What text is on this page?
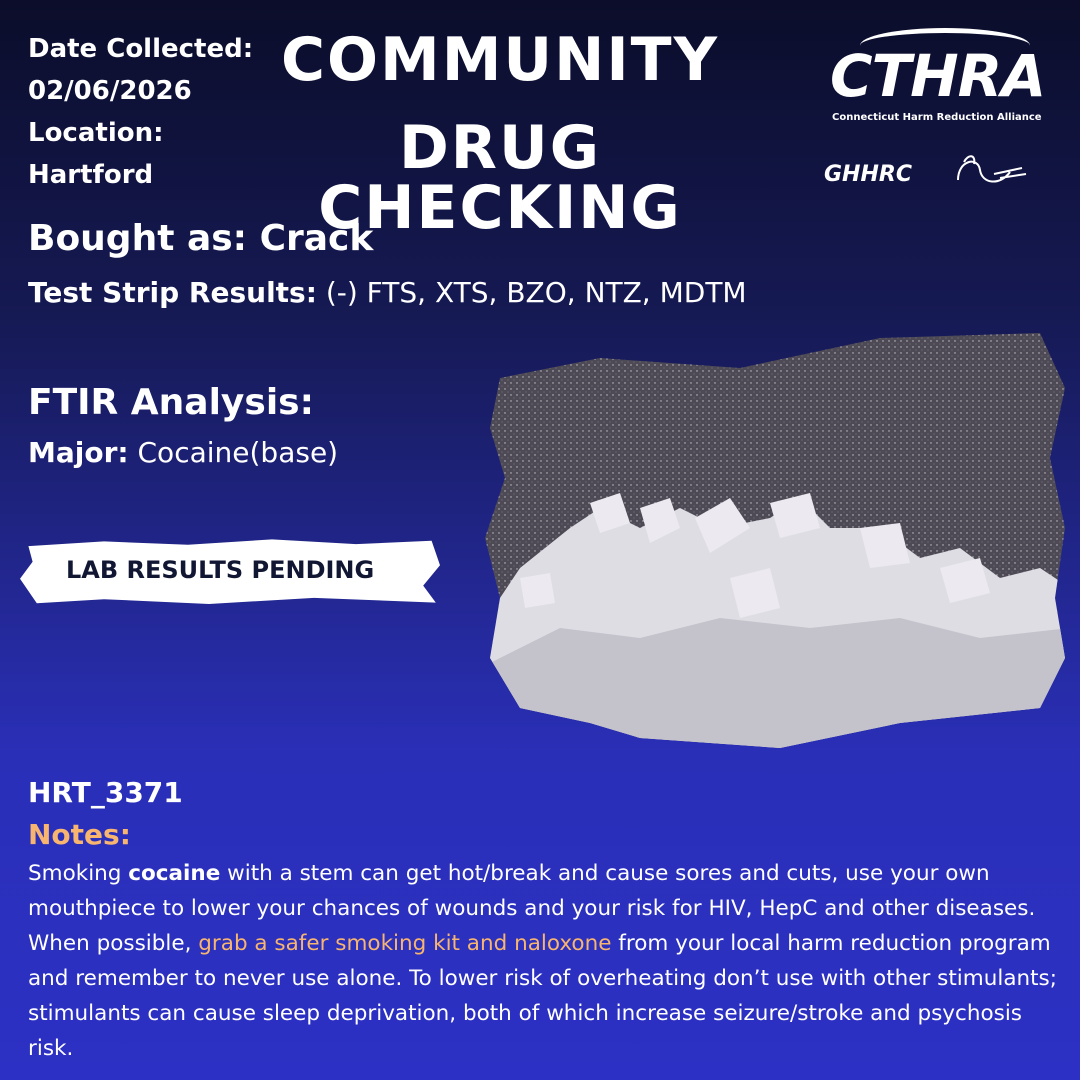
Date Collected:
02/06/2026
Location:
Hartford
COMMUNITY
DRUG CHECKING
CTHRA
Connecticut Harm Reduction Alliance
GHHRC
Bought as: Crack
Test Strip Results: (-) FTS, XTS, BZO, NTZ, MDTM
FTIR Analysis:
Major: Cocaine(base)
LAB RESULTS PENDING
HRT_3371
Notes:
Smoking cocaine with a stem can get hot/break and cause sores and cuts, use your own mouthpiece to lower your chances of wounds and your risk for HIV, HepC and other diseases. When possible, grab a safer smoking kit and naloxone from your local harm reduction program and remember to never use alone. To lower risk of overheating don’t use with other stimulants; stimulants can cause sleep deprivation, both of which increase seizure/stroke and psychosis risk.
